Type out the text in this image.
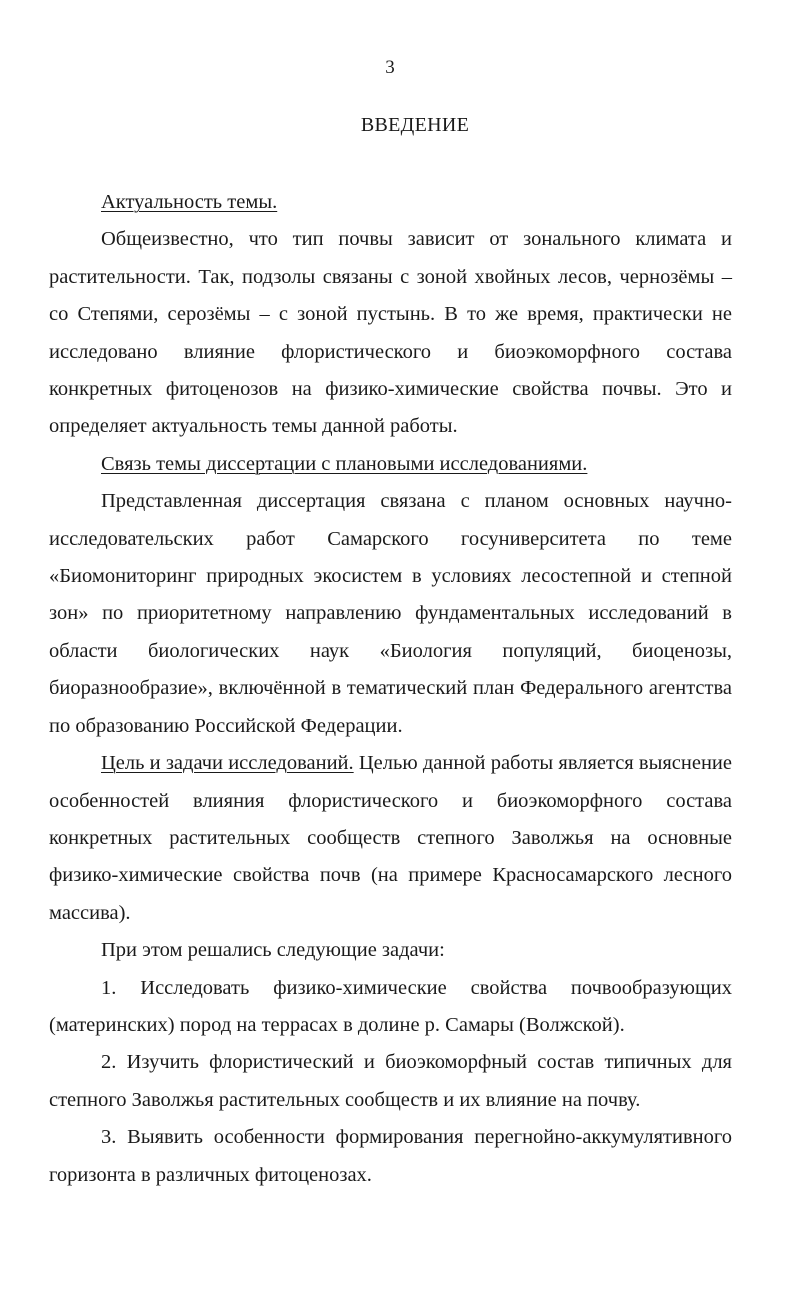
3
ВВЕДЕНИЕ

Актуальность темы.

Общеизвестно, что тип почвы зависит от зонального климата и растительности. Так, подзолы связаны с зоной хвойных лесов, чернозёмы – со Степями, серозёмы – с зоной пустынь. В то же время, практически не исследовано влияние флористического и биоэкоморфного состава конкретных фитоценозов на физико-химические свойства почвы. Это и определяет актуальность темы данной работы.

Связь темы диссертации с плановыми исследованиями.

Представленная диссертация связана с планом основных научно-исследовательских работ Самарского госуниверситета по теме «Биомониторинг природных экосистем в условиях лесостепной и степной зон» по приоритетному направлению фундаментальных исследований в области биологических наук «Биология популяций, биоценозы, биоразнообразие», включённой в тематический план Федерального агентства по образованию Российской Федерации.

Цель и задачи исследований. Целью данной работы является выяснение особенностей влияния флористического и биоэкоморфного состава конкретных растительных сообществ степного Заволжья на основные физико-химические свойства почв (на примере Красносамарского лесного массива).

При этом решались следующие задачи:

1. Исследовать физико-химические свойства почвообразующих (материнских) пород на террасах в долине р. Самары (Волжской).

2. Изучить флористический и биоэкоморфный состав типичных для степного Заволжья растительных сообществ и их влияние на почву.

3. Выявить особенности формирования перегнойно-аккумулятивного горизонта в различных фитоценозах.
